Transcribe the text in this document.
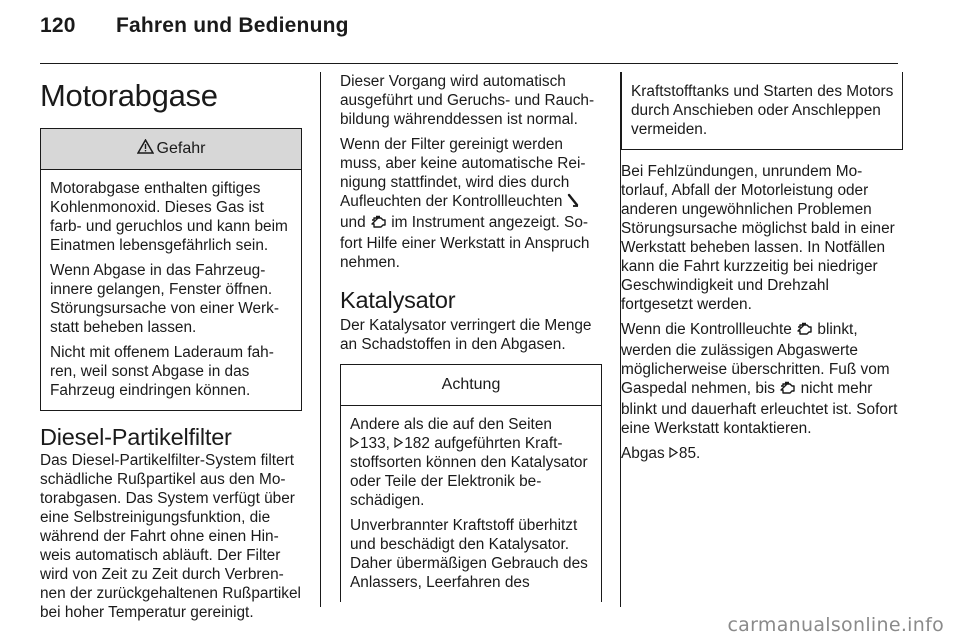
120 Fahren und Bedienung
Motorabgase
Gefahr

Motorabgase enthalten giftiges Kohlenmonoxid. Dieses Gas ist farb- und geruchlos und kann beim Einatmen lebensgefährlich sein.

Wenn Abgase in das Fahrzeuginnere gelangen, Fenster öffnen. Störungsursache von einer Werkstatt beheben lassen.

Nicht mit offenem Laderaum fahren, weil sonst Abgase in das Fahrzeug eindringen können.

Diesel-Partikelfilter

Das Diesel-Partikelfilter-System filtert schädliche Rußpartikel aus den Motorabgasen. Das System verfügt über eine Selbstreinigungsfunktion, die während der Fahrt ohne einen Hinweis automatisch abläuft. Der Filter wird von Zeit zu Zeit durch Verbrennen der zurückgehaltenen Rußpartikel bei hoher Temperatur gereinigt.

Dieser Vorgang wird automatisch ausgeführt und Geruchs- und Rauchbildung währenddessen ist normal.

Wenn der Filter gereinigt werden muss, aber keine automatische Reinigung stattfindet, wird dies durch Aufleuchten der Kontrollleuchten  und im Instrument angezeigt. Sofort Hilfe einer Werkstatt in Anspruch nehmen.

Katalysator

Der Katalysator verringert die Menge an Schadstoffen in den Abgasen.

Achtung

Andere als die auf den Seiten
133, 182 aufgeführten Kraftstoffsorten können den Katalysator oder Teile der Elektronik beschädigen.

Unverbrannter Kraftstoff überhitzt und beschädigt den Katalysator. Daher übermäßigen Gebrauch des Anlassers, Leerfahren des

Kraftstofftanks und Starten des Motors durch Anschieben oder Anschleppen vermeiden.

Bei Fehlzündungen, unrundem Motorlauf, Abfall der Motorleistung oder anderen ungewöhnlichen Problemen Störungsursache möglichst bald in einer Werkstatt beheben lassen. In Notfällen kann die Fahrt kurzzeitig bei niedriger Geschwindigkeit und Drehzahl fortgesetzt werden.

Wenn die Kontrollleuchte blinkt, werden die zulässigen Abgaswerte möglicherweise überschritten. Fuß vom Gaspedal nehmen, bis nicht mehr blinkt und dauerhaft erleuchtet ist. Sofort eine Werkstatt kontaktieren.

Abgas 85.

carmanualsonline.info
